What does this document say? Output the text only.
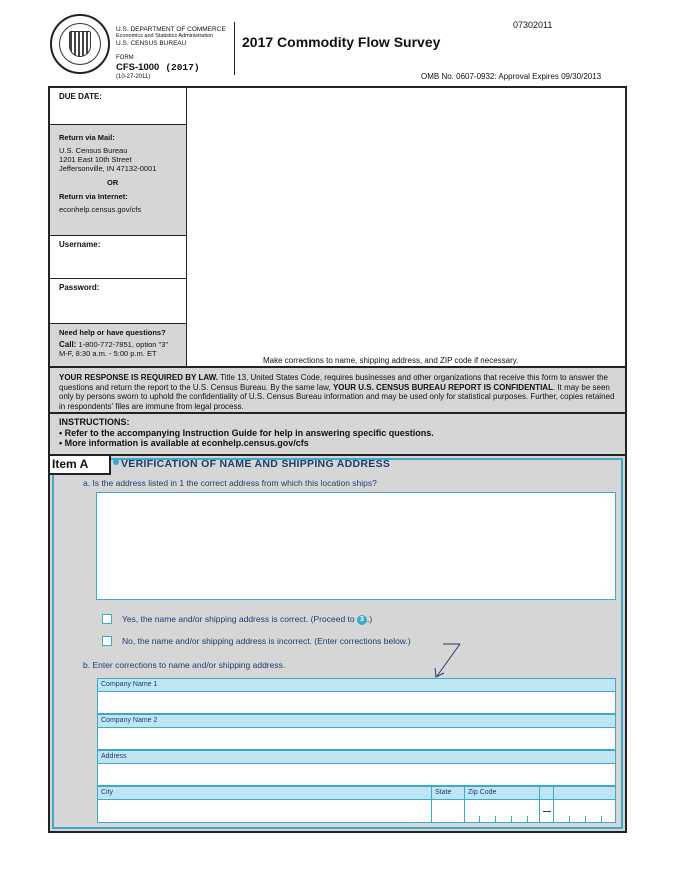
U.S. DEPARTMENT OF COMMERCE
Economics and Statistics Administration
U.S. CENSUS BUREAU
FORM
CFS-1000 (2017)
(10-27-2011)
2017 Commodity Flow Survey
07302011
OMB No. 0607-0932: Approval Expires 09/30/2013
DUE DATE:
Return via Mail:
U.S. Census Bureau
1201 East 10th Street
Jeffersonville, IN 47132-0001
OR
Return via Internet:
econhelp.census.gov/cfs
Username:
Password:
Need help or have questions?
Call: 1-800-772-7851, option "3"
M-F, 8:30 a.m. - 5:00 p.m. ET
Make corrections to name, shipping address, and ZIP code if necessary.
YOUR RESPONSE IS REQUIRED BY LAW. Title 13, United States Code, requires businesses and other organizations that receive this form to answer the questions and return the report to the U.S. Census Bureau. By the same law, YOUR U.S. CENSUS BUREAU REPORT IS CONFIDENTIAL. It may be seen only by persons sworn to uphold the confidentiality of U.S. Census Bureau information and may be used only for statistical purposes. Further, copies retained in respondents' files are immune from legal process.
INSTRUCTIONS:
• Refer to the accompanying Instruction Guide for help in answering specific questions.
• More information is available at econhelp.census.gov/cfs
Item A	VERIFICATION OF NAME AND SHIPPING ADDRESS
a. Is the address listed in 1 the correct address from which this location ships?
Yes, the name and/or shipping address is correct. (Proceed to 3 .)
No, the name and/or shipping address is incorrect. (Enter corrections below.)
b. Enter corrections to name and/or shipping address.
Company Name 1
Company Name 2
Address
City	State	Zip Code
